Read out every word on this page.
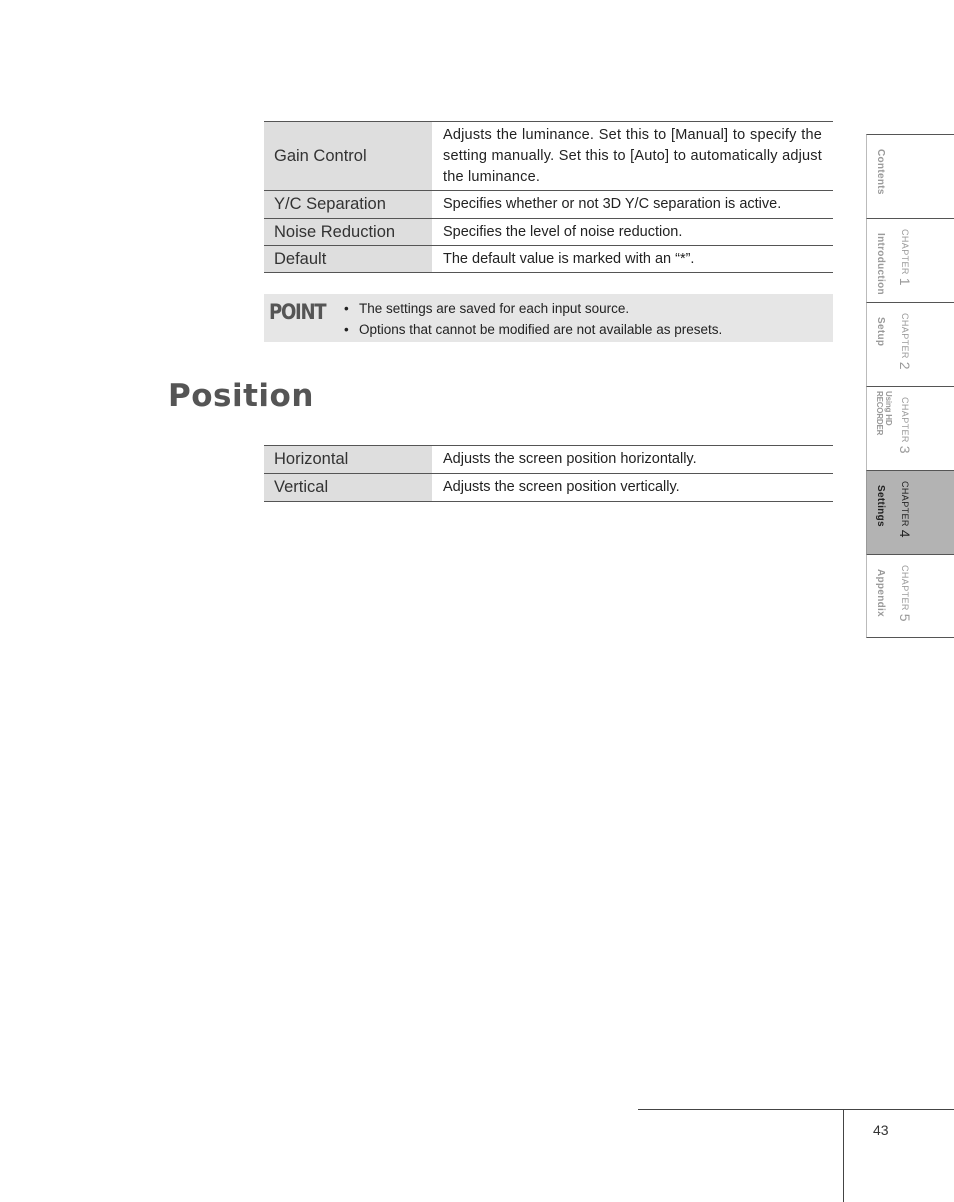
Gain Control	Adjusts the luminance. Set this to [Manual] to specify the setting manually. Set this to [Auto] to automatically adjust the luminance.
Y/C Separation	Specifies whether or not 3D Y/C separation is active.
Noise Reduction	Specifies the level of noise reduction.
Default	The default value is marked with an “*”.
POINT	• The settings are saved for each input source.
• Options that cannot be modified are not available as presets.
Position
Horizontal	Adjusts the screen position horizontally.
Vertical	Adjusts the screen position vertically.
Contents
Introduction	CHAPTER 1
Setup	CHAPTER 2
Using HD RECORDER	CHAPTER 3
Settings	CHAPTER 4
Appendix	CHAPTER 5
43
